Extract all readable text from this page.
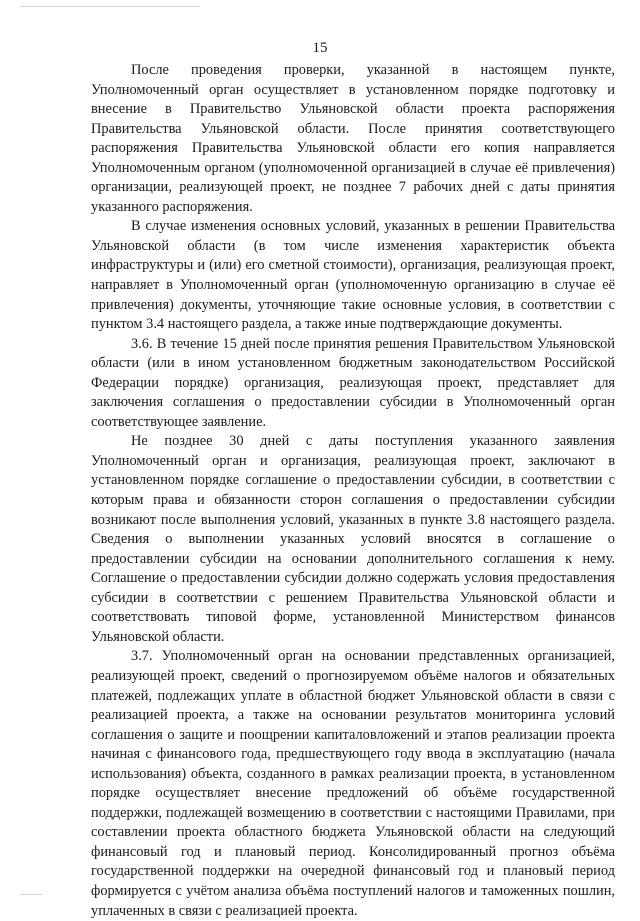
15

После проведения проверки, указанной в настоящем пункте, Уполномоченный орган осуществляет в установленном порядке подготовку и внесение в Правительство Ульяновской области проекта распоряжения Правительства Ульяновской области. После принятия соответствующего распоряжения Правительства Ульяновской области его копия направляется Уполномоченным органом (уполномоченной организацией в случае её привлечения) организации, реализующей проект, не позднее 7 рабочих дней с даты принятия указанного распоряжения.

В случае изменения основных условий, указанных в решении Правительства Ульяновской области (в том числе изменения характеристик объекта инфраструктуры и (или) его сметной стоимости), организация, реализующая проект, направляет в Уполномоченный орган (уполномоченную организацию в случае её привлечения) документы, уточняющие такие основные условия, в соответствии с пунктом 3.4 настоящего раздела, а также иные подтверждающие документы.

3.6. В течение 15 дней после принятия решения Правительством Ульяновской области (или в ином установленном бюджетным законодательством Российской Федерации порядке) организация, реализующая проект, представляет для заключения соглашения о предоставлении субсидии в Уполномоченный орган соответствующее заявление.

Не позднее 30 дней с даты поступления указанного заявления Уполномоченный орган и организация, реализующая проект, заключают в установленном порядке соглашение о предоставлении субсидии, в соответствии с которым права и обязанности сторон соглашения о предоставлении субсидии возникают после выполнения условий, указанных в пункте 3.8 настоящего раздела. Сведения о выполнении указанных условий вносятся в соглашение о предоставлении субсидии на основании дополнительного соглашения к нему. Соглашение о предоставлении субсидии должно содержать условия предоставления субсидии в соответствии с решением Правительства Ульяновской области и соответствовать типовой форме, установленной Министерством финансов Ульяновской области.

3.7. Уполномоченный орган на основании представленных организацией, реализующей проект, сведений о прогнозируемом объёме налогов и обязательных платежей, подлежащих уплате в областной бюджет Ульяновской области в связи с реализацией проекта, а также на основании результатов мониторинга условий соглашения о защите и поощрении капиталовложений и этапов реализации проекта начиная с финансового года, предшествующего году ввода в эксплуатацию (начала использования) объекта, созданного в рамках реализации проекта, в установленном порядке осуществляет внесение предложений об объёме государственной поддержки, подлежащей возмещению в соответствии с настоящими Правилами, при составлении проекта областного бюджета Ульяновской области на следующий финансовый год и плановый период. Консолидированный прогноз объёма государственной поддержки на очередной финансовый год и плановый период формируется с учётом анализа объёма поступлений налогов и таможенных пошлин, уплаченных в связи с реализацией проекта.
